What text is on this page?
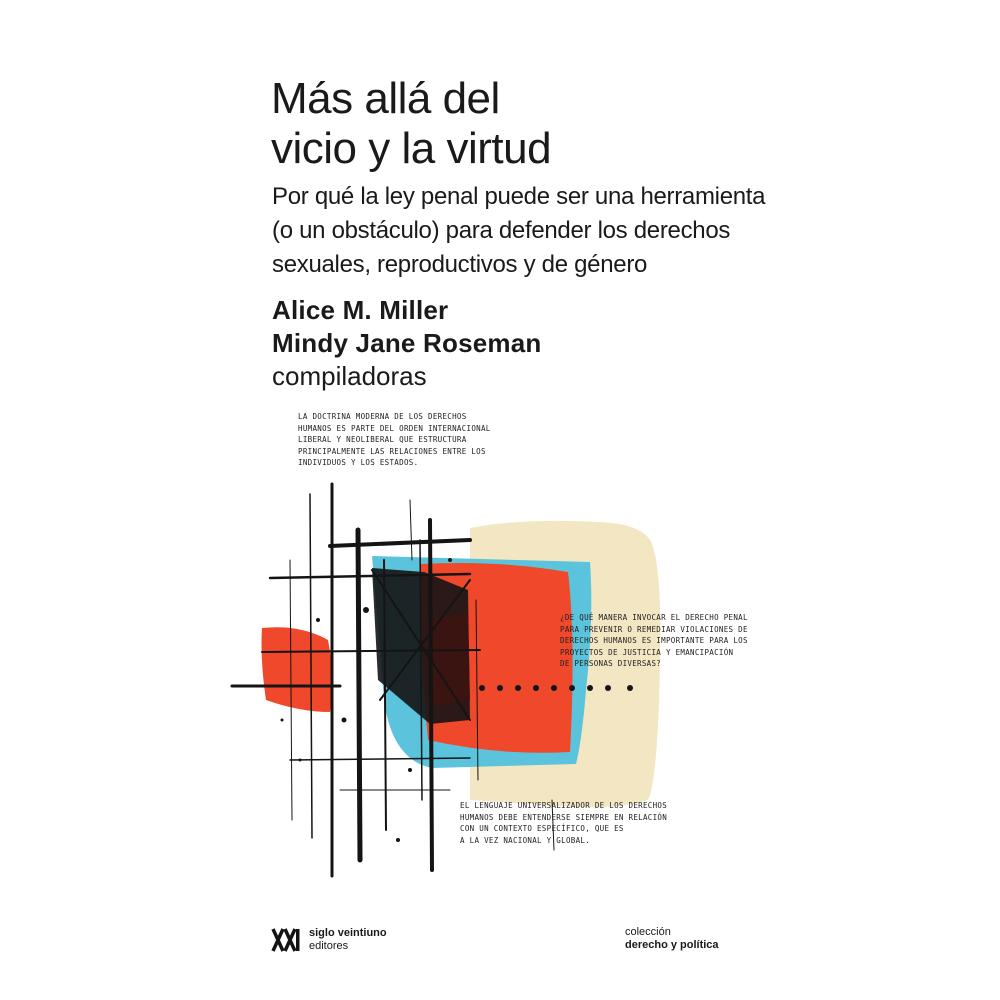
Más allá del
vicio y la virtud
Por qué la ley penal puede ser una herramienta
(o un obstáculo) para defender los derechos
sexuales, reproductivos y de género
Alice M. Miller
Mindy Jane Roseman
compiladoras
LA DOCTRINA MODERNA DE LOS DERECHOS
HUMANOS ES PARTE DEL ORDEN INTERNACIONAL
LIBERAL Y NEOLIBERAL QUE ESTRUCTURA
PRINCIPALMENTE LAS RELACIONES ENTRE LOS
INDIVIDUOS Y LOS ESTADOS.
¿DE QUÉ MANERA INVOCAR EL DERECHO PENAL
PARA PREVENIR O REMEDIAR VIOLACIONES DE
DERECHOS HUMANOS ES IMPORTANTE PARA LOS
PROYECTOS DE JUSTICIA Y EMANCIPACIÓN
DE PERSONAS DIVERSAS?
EL LENGUAJE UNIVERSALIZADOR DE LOS DERECHOS
HUMANOS DEBE ENTENDERSE SIEMPRE EN RELACIÓN
CON UN CONTEXTO ESPECÍFICO, QUE ES
A LA VEZ NACIONAL Y GLOBAL.
siglo veintiuno
editores
colección
derecho y política
